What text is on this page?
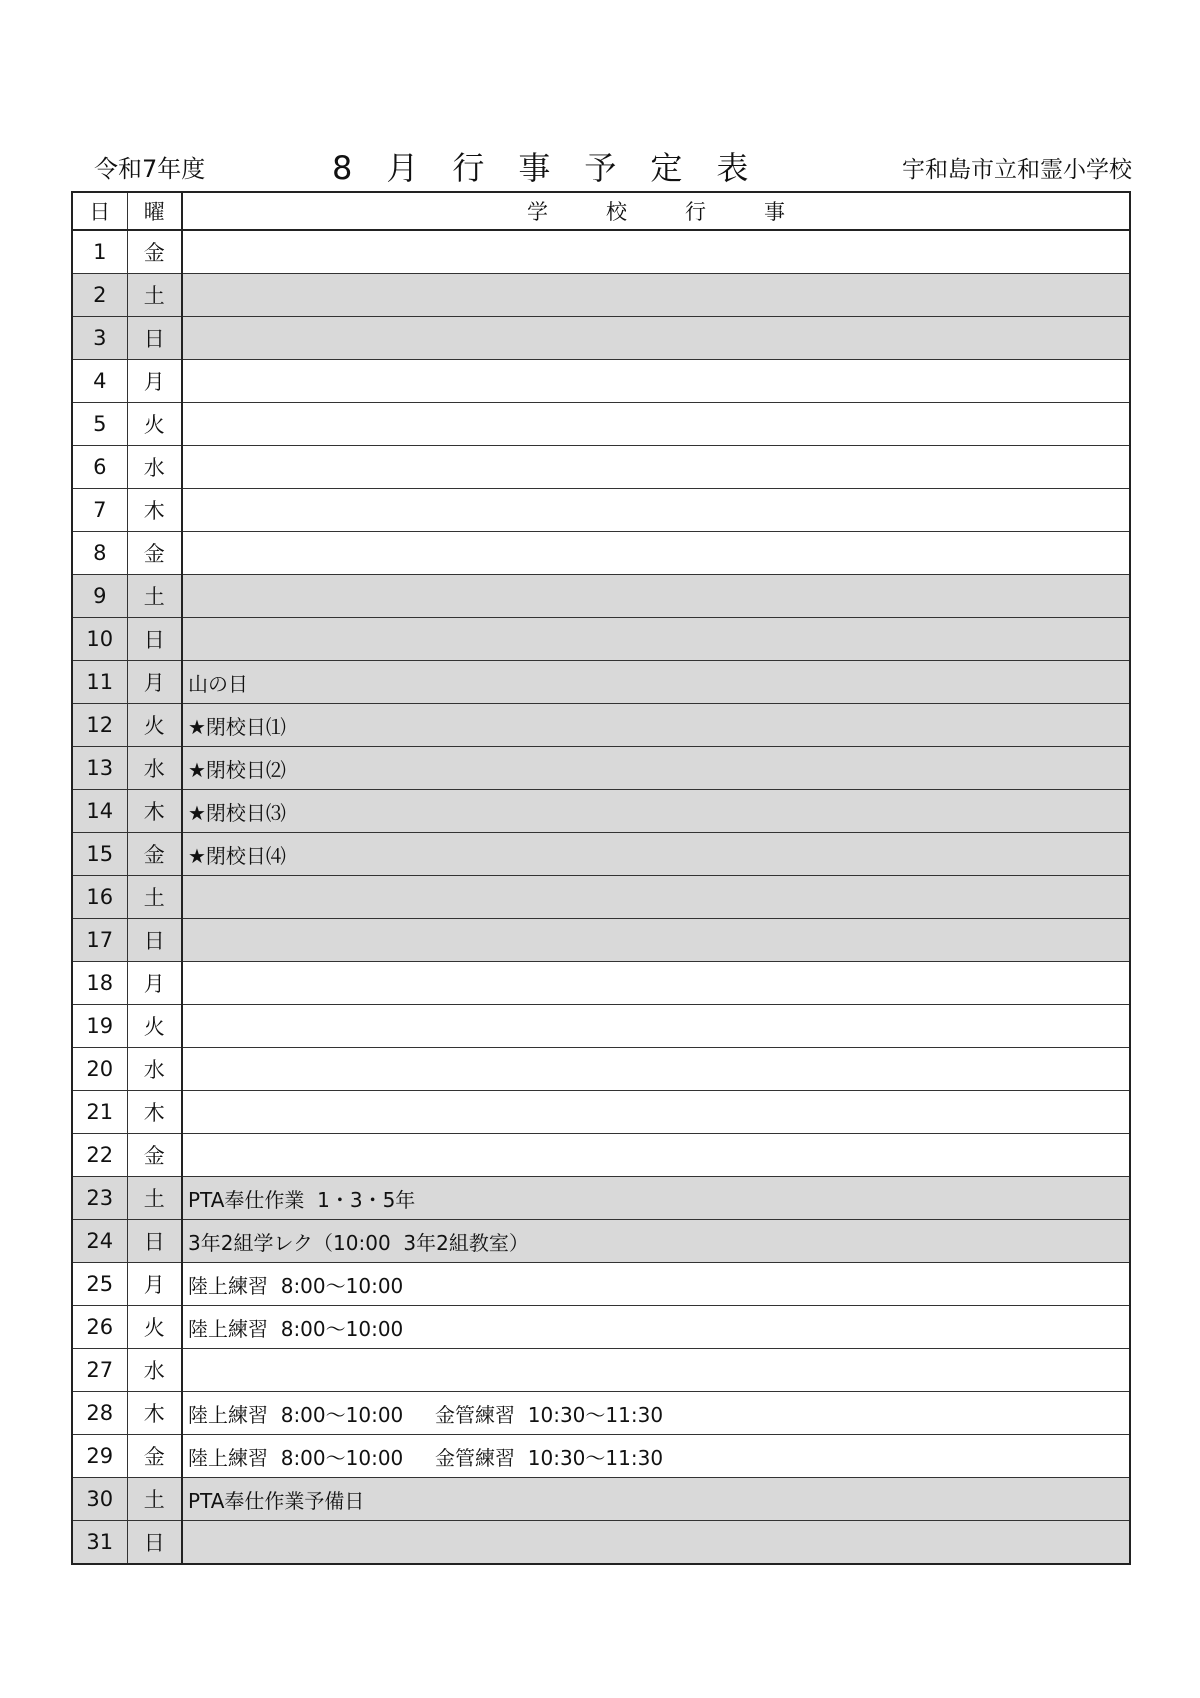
令和7年度	8月行事予定表	宇和島市立和霊小学校
日	曜	学校行事
1	金	
2	土	
3	日	
4	月	
5	火	
6	水	
7	木	
8	金	
9	土	
10	日	
11	月	山の日
12	火	★閉校日⑴
13	水	★閉校日⑵
14	木	★閉校日⑶
15	金	★閉校日⑷
16	土	
17	日	
18	月	
19	火	
20	水	
21	木	
22	金	
23	土	PTA奉仕作業  1・3・5年
24	日	3年2組学レク（10:00  3年2組教室）
25	月	陸上練習  8:00～10:00
26	火	陸上練習  8:00～10:00
27	水	
28	木	陸上練習  8:00～10:00     金管練習  10:30～11:30
29	金	陸上練習  8:00～10:00     金管練習  10:30～11:30
30	土	PTA奉仕作業予備日
31	日	
